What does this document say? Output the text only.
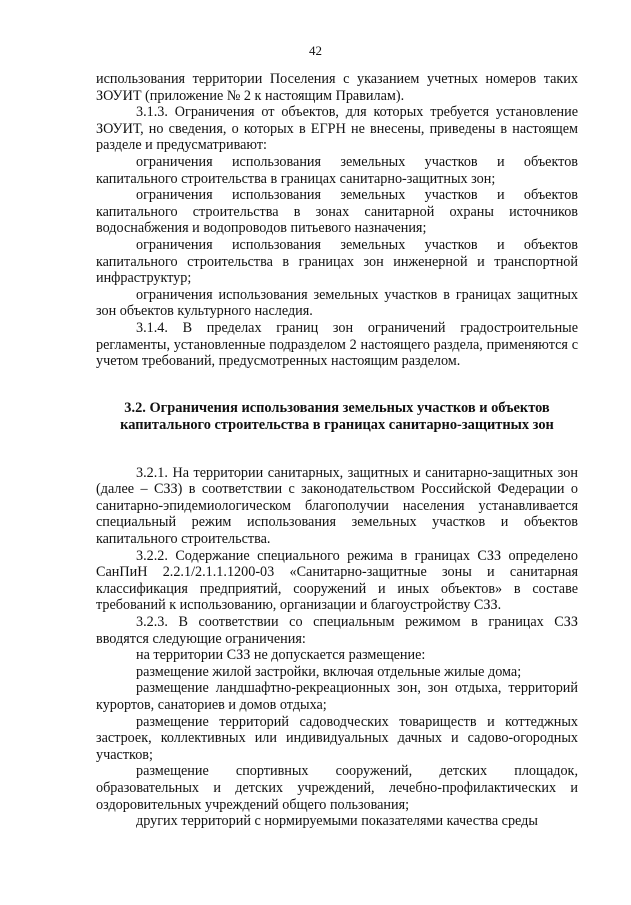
42

использования территории Поселения с указанием учетных номеров таких ЗОУИТ (приложение № 2 к настоящим Правилам).

3.1.3. Ограничения от объектов, для которых требуется установление ЗОУИТ, но сведения, о которых в ЕГРН не внесены, приведены в настоящем разделе и предусматривают:

ограничения использования земельных участков и объектов капитального строительства в границах санитарно-защитных зон;

ограничения использования земельных участков и объектов капитального строительства в зонах санитарной охраны источников водоснабжения и водопроводов питьевого назначения;

ограничения использования земельных участков и объектов капитального строительства в границах зон инженерной и транспортной инфраструктур;

ограничения использования земельных участков в границах защитных зон объектов культурного наследия.

3.1.4. В пределах границ зон ограничений градостроительные регламенты, установленные подразделом 2 настоящего раздела, применяются с учетом требований, предусмотренных настоящим разделом.

3.2. Ограничения использования земельных участков и объектов
капитального строительства в границах санитарно-защитных зон

3.2.1. На территории санитарных, защитных и санитарно-защитных зон (далее – СЗЗ) в соответствии с законодательством Российской Федерации о санитарно-эпидемиологическом благополучии населения устанавливается специальный режим использования земельных участков и объектов капитального строительства.

3.2.2. Содержание специального режима в границах СЗЗ определено СанПиН 2.2.1/2.1.1.1200-03 «Санитарно-защитные зоны и санитарная классификация предприятий, сооружений и иных объектов» в составе требований к использованию, организации и благоустройству СЗЗ.

3.2.3. В соответствии со специальным режимом в границах СЗЗ вводятся следующие ограничения:

на территории СЗЗ не допускается размещение:

размещение жилой застройки, включая отдельные жилые дома;

размещение ландшафтно-рекреационных зон, зон отдыха, территорий курортов, санаториев и домов отдыха;

размещение территорий садоводческих товариществ и коттеджных застроек, коллективных или индивидуальных дачных и садово-огородных участков;

размещение спортивных сооружений, детских площадок, образовательных и детских учреждений, лечебно-профилактических и оздоровительных учреждений общего пользования;

других территорий с нормируемыми показателями качества среды
